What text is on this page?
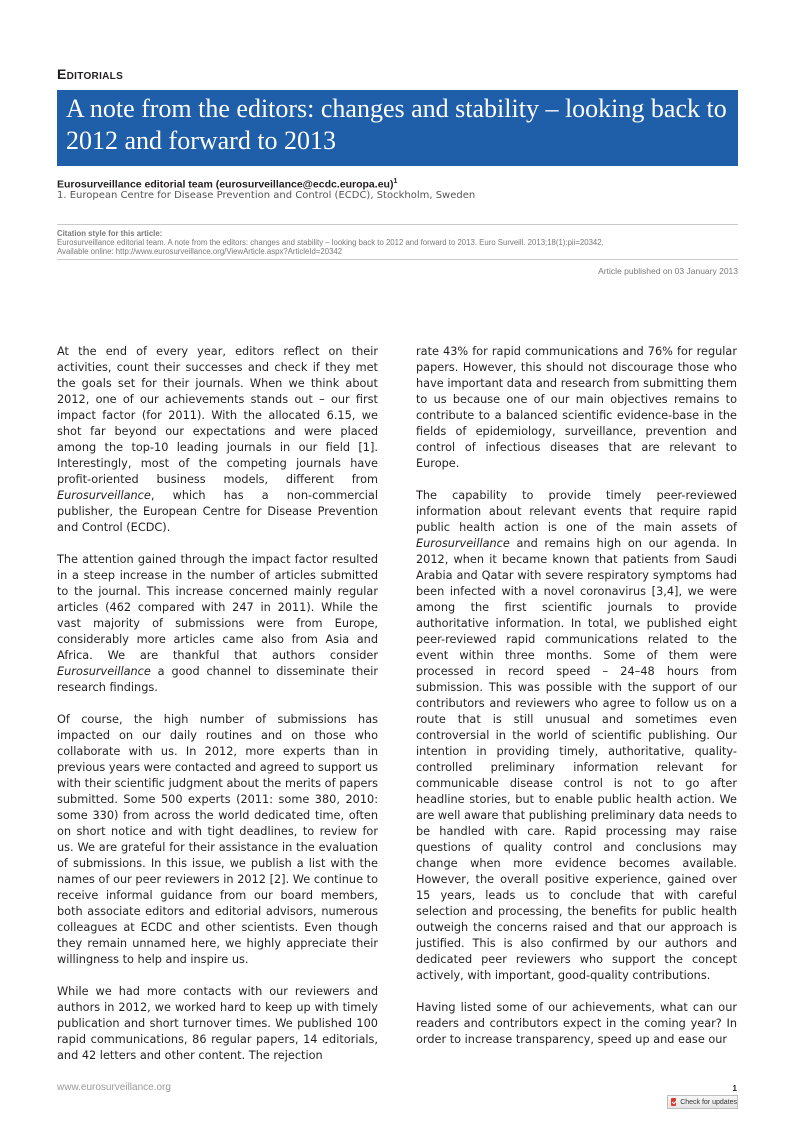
Editorials
A note from the editors: changes and stability – looking back to 2012 and forward to 2013
Eurosurveillance editorial team (eurosurveillance@ecdc.europa.eu)$^1$
1. European Centre for Disease Prevention and Control (ECDC), Stockholm, Sweden
Citation style for this article:
Eurosurveillance editorial team. A note from the editors: changes and stability – looking back to 2012 and forward to 2013. Euro Surveill. 2013;18(1):pii=20342.
Available online: http://www.eurosurveillance.org/ViewArticle.aspx?ArticleId=20342
Article published on 03 January 2013

At the end of every year, editors reflect on their activities, count their successes and check if they met the goals set for their journals. When we think about 2012, one of our achievements stands out – our first impact factor (for 2011). With the allocated 6.15, we shot far beyond our expectations and were placed among the top-10 leading journals in our field [1]. Interestingly, most of the competing journals have profit-oriented business models, different from Eurosurveillance, which has a non-commercial publisher, the European Centre for Disease Prevention and Control (ECDC).

The attention gained through the impact factor resulted in a steep increase in the number of articles submitted to the journal. This increase concerned mainly regular articles (462 compared with 247 in 2011). While the vast majority of submissions were from Europe, considerably more articles came also from Asia and Africa. We are thankful that authors consider Eurosurveillance a good channel to disseminate their research findings.

Of course, the high number of submissions has impacted on our daily routines and on those who collaborate with us. In 2012, more experts than in previous years were contacted and agreed to support us with their scientific judgment about the merits of papers submitted. Some 500 experts (2011: some 380, 2010: some 330) from across the world dedicated time, often on short notice and with tight deadlines, to review for us. We are grateful for their assistance in the evaluation of submissions. In this issue, we publish a list with the names of our peer reviewers in 2012 [2]. We continue to receive informal guidance from our board members, both associate editors and editorial advisors, numerous colleagues at ECDC and other scientists. Even though they remain unnamed here, we highly appreciate their willingness to help and inspire us.

While we had more contacts with our reviewers and authors in 2012, we worked hard to keep up with timely publication and short turnover times. We published 100 rapid communications, 86 regular papers, 14 editorials, and 42 letters and other content. The rejection

rate 43% for rapid communications and 76% for regular papers. However, this should not discourage those who have important data and research from submitting them to us because one of our main objectives remains to contribute to a balanced scientific evidence-base in the fields of epidemiology, surveillance, prevention and control of infectious diseases that are relevant to Europe.

The capability to provide timely peer-reviewed information about relevant events that require rapid public health action is one of the main assets of Eurosurveillance and remains high on our agenda. In 2012, when it became known that patients from Saudi Arabia and Qatar with severe respiratory symptoms had been infected with a novel coronavirus [3,4], we were among the first scientific journals to provide authoritative information. In total, we published eight peer-reviewed rapid communications related to the event within three months. Some of them were processed in record speed – 24–48 hours from submission. This was possible with the support of our contributors and reviewers who agree to follow us on a route that is still unusual and sometimes even controversial in the world of scientific publishing. Our intention in providing timely, authoritative, quality-controlled preliminary information relevant for communicable disease control is not to go after headline stories, but to enable public health action. We are well aware that publishing preliminary data needs to be handled with care. Rapid processing may raise questions of quality control and conclusions may change when more evidence becomes available. However, the overall positive experience, gained over 15 years, leads us to conclude that with careful selection and processing, the benefits for public health outweigh the concerns raised and that our approach is justified. This is also confirmed by our authors and dedicated peer reviewers who support the concept actively, with important, good-quality contributions.

Having listed some of our achievements, what can our readers and contributors expect in the coming year? In order to increase transparency, speed up and ease our

www.eurosurveillance.org	1
Check for updates
